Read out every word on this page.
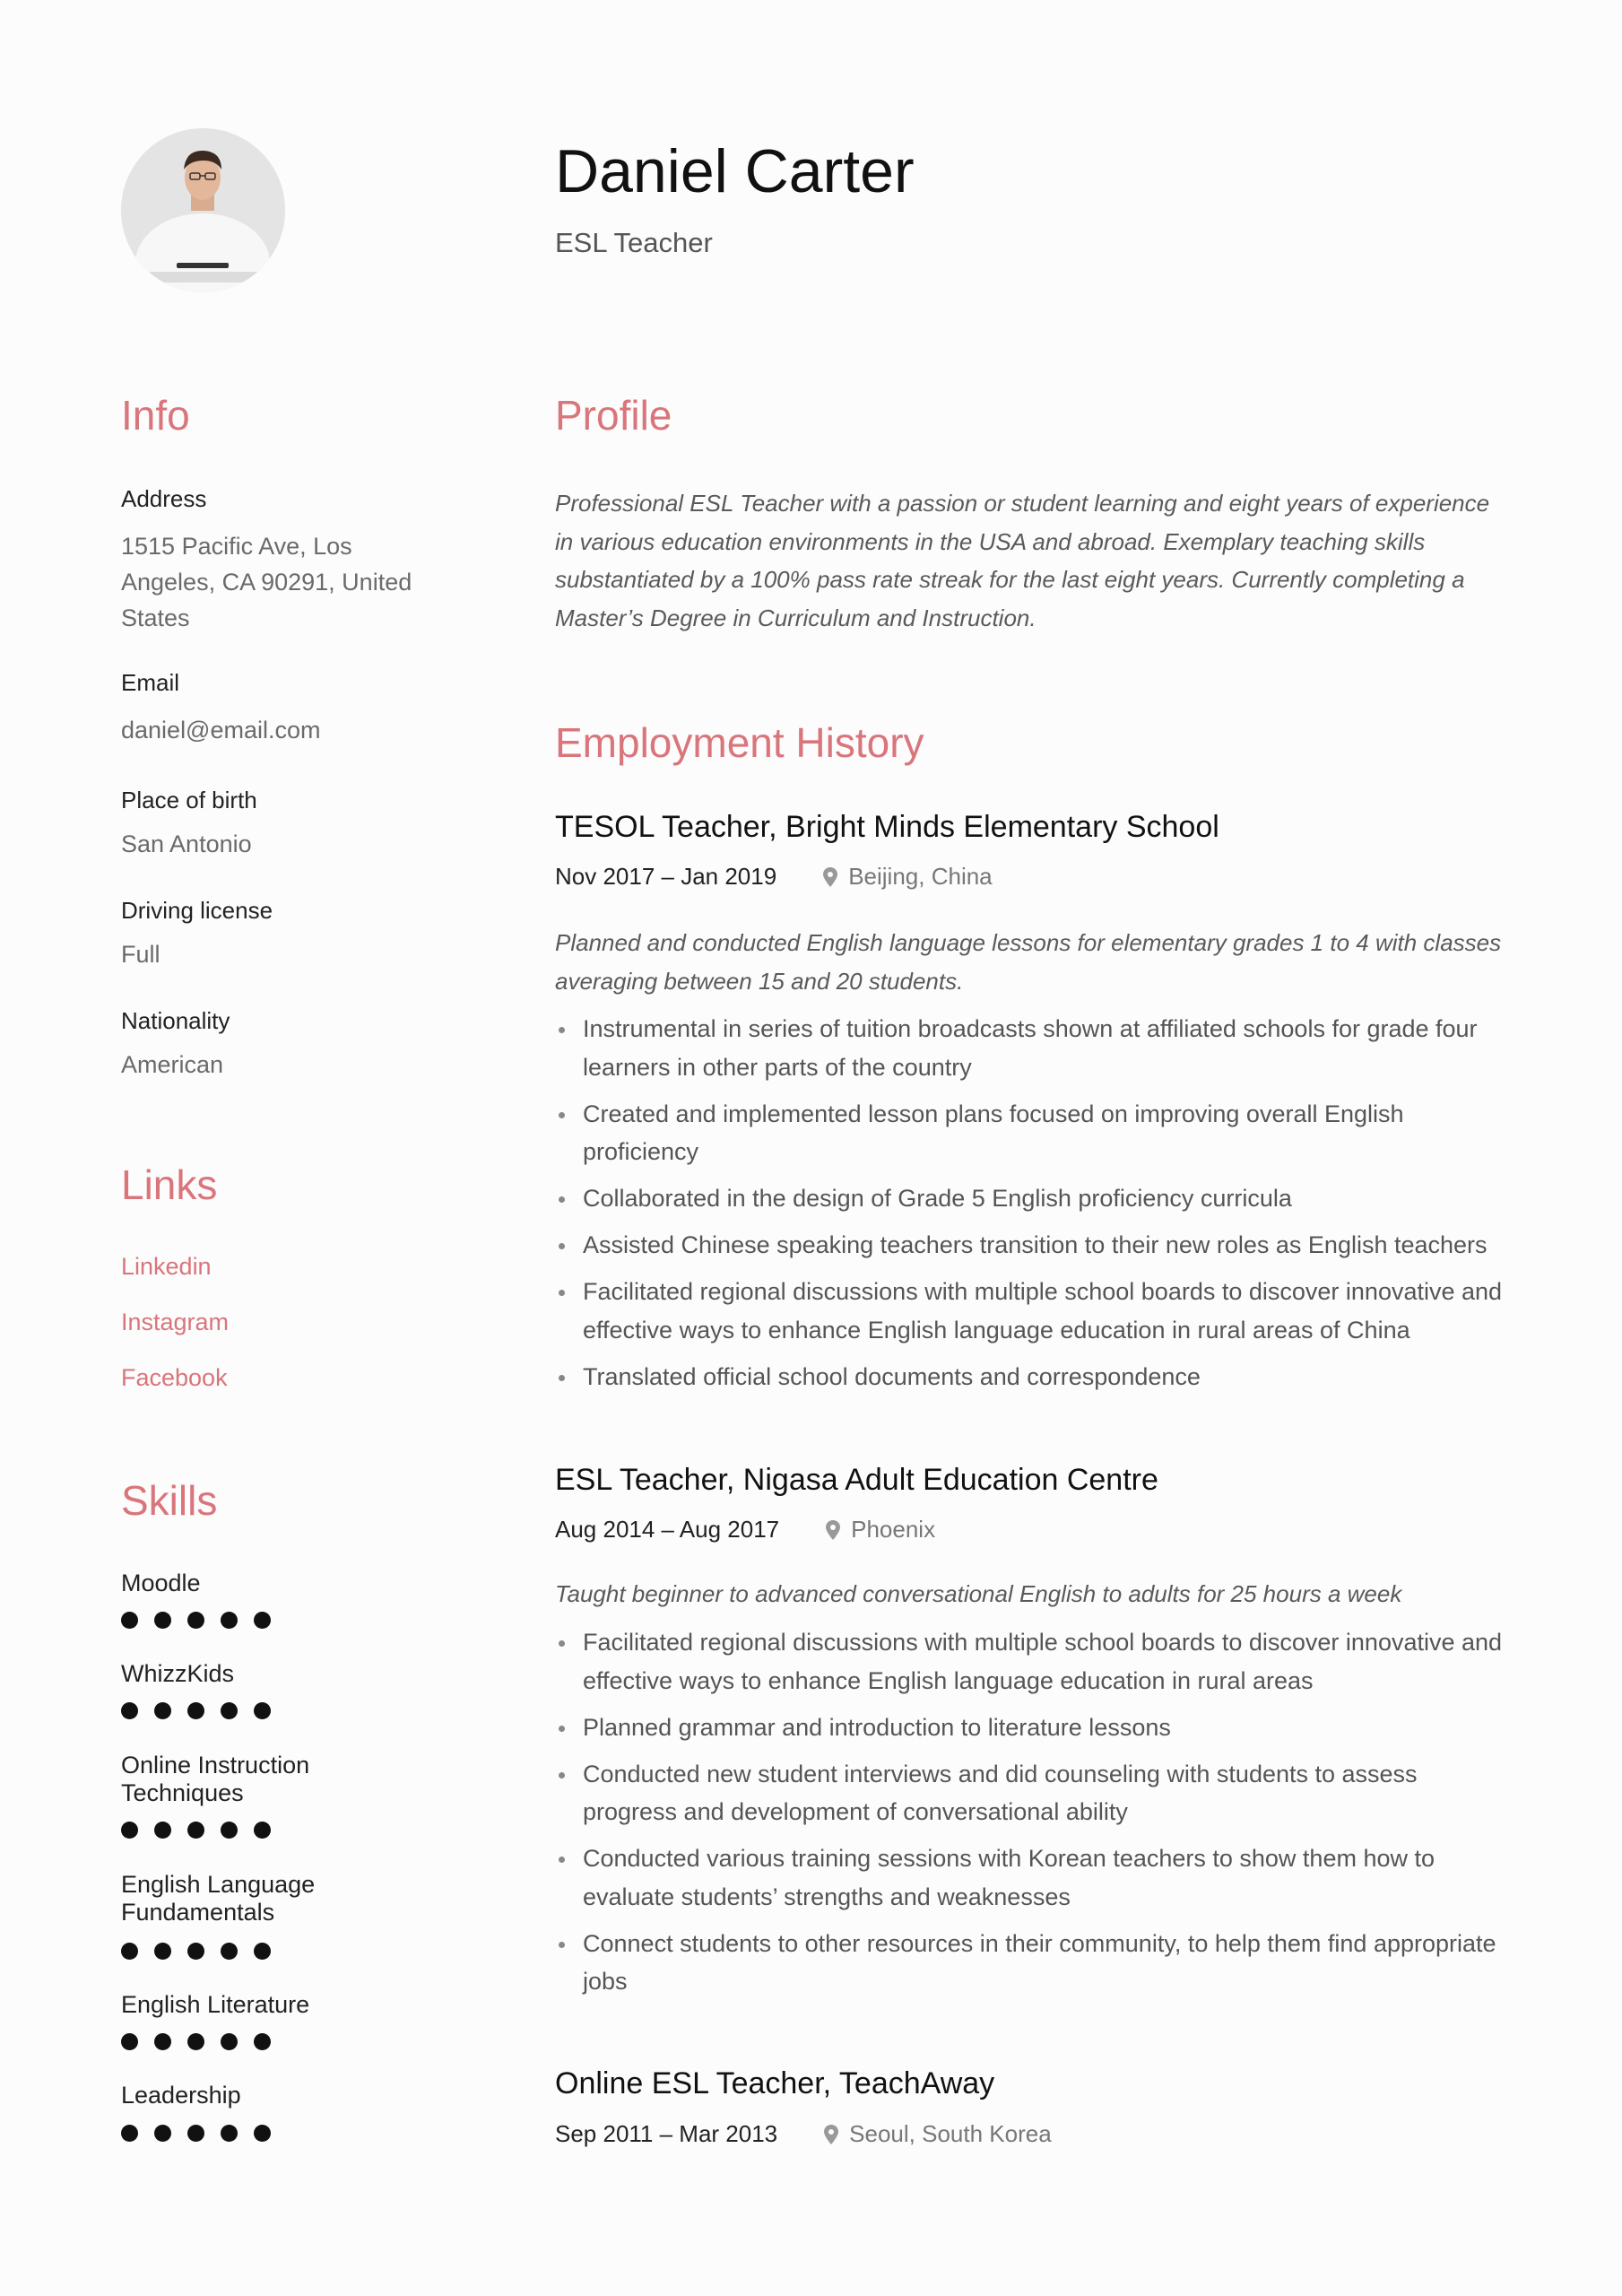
Daniel Carter
ESL Teacher
Info
Address
1515 Pacific Ave, Los Angeles, CA 90291, United States
Email
daniel@email.com
Place of birth
San Antonio
Driving license
Full
Nationality
American
Links
Linkedin
Instagram
Facebook
Skills
Moodle
WhizzKids
Online Instruction Techniques
English Language Fundamentals
English Literature
Leadership
Profile
Professional ESL Teacher with a passion or student learning and eight years of experience in various education environments in the USA and abroad. Exemplary teaching skills substantiated by a 100% pass rate streak for the last eight years. Currently completing a Master’s Degree in Curriculum and Instruction.
Employment History
TESOL Teacher, Bright Minds Elementary School
Nov 2017 – Jan 2019	Beijing, China
Planned and conducted English language lessons for elementary grades 1 to 4 with classes averaging between 15 and 20 students.
Instrumental in series of tuition broadcasts shown at affiliated schools for grade four learners in other parts of the country
Created and implemented lesson plans focused on improving overall English proficiency
Collaborated in the design of Grade 5 English proficiency curricula
Assisted Chinese speaking teachers transition to their new roles as English teachers
Facilitated regional discussions with multiple school boards to discover innovative and effective ways to enhance English language education in rural areas of China
Translated official school documents and correspondence
ESL Teacher, Nigasa Adult Education Centre
Aug 2014 – Aug 2017	Phoenix
Taught beginner to advanced conversational English to adults for 25 hours a week
Facilitated regional discussions with multiple school boards to discover innovative and effective ways to enhance English language education in rural areas
Planned grammar and introduction to literature lessons
Conducted new student interviews and did counseling with students to assess progress and development of conversational ability
Conducted various training sessions with Korean teachers to show them how to evaluate students’ strengths and weaknesses
Connect students to other resources in their community, to help them find appropriate jobs
Online ESL Teacher, TeachAway
Sep 2011 – Mar 2013	Seoul, South Korea
